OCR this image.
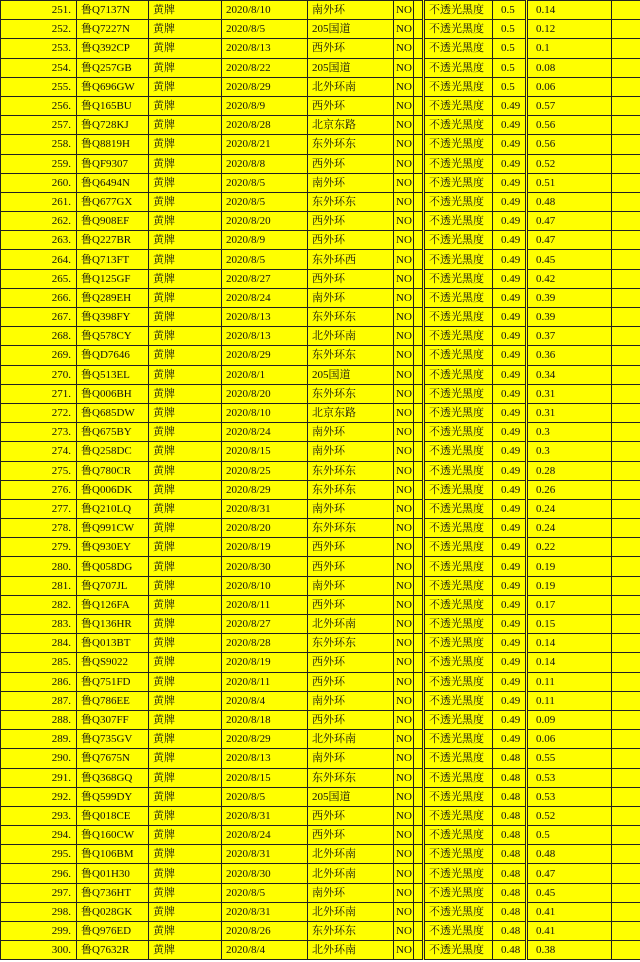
251.	鲁Q7137N	黄牌	2020/8/10	南外环	NO		不透光黑度	0.5	0.14	
252.	鲁Q7227N	黄牌	2020/8/5	205国道	NO		不透光黑度	0.5	0.12	
253.	鲁Q392CP	黄牌	2020/8/13	西外环	NO		不透光黑度	0.5	0.1	
254.	鲁Q257GB	黄牌	2020/8/22	205国道	NO		不透光黑度	0.5	0.08	
255.	鲁Q696GW	黄牌	2020/8/29	北外环南	NO		不透光黑度	0.5	0.06	
256.	鲁Q165BU	黄牌	2020/8/9	西外环	NO		不透光黑度	0.49	0.57	
257.	鲁Q728KJ	黄牌	2020/8/28	北京东路	NO		不透光黑度	0.49	0.56	
258.	鲁Q8819H	黄牌	2020/8/21	东外环东	NO		不透光黑度	0.49	0.56	
259.	鲁QF9307	黄牌	2020/8/8	西外环	NO		不透光黑度	0.49	0.52	
260.	鲁Q6494N	黄牌	2020/8/5	南外环	NO		不透光黑度	0.49	0.51	
261.	鲁Q677GX	黄牌	2020/8/5	东外环东	NO		不透光黑度	0.49	0.48	
262.	鲁Q908EF	黄牌	2020/8/20	西外环	NO		不透光黑度	0.49	0.47	
263.	鲁Q227BR	黄牌	2020/8/9	西外环	NO		不透光黑度	0.49	0.47	
264.	鲁Q713FT	黄牌	2020/8/5	东外环西	NO		不透光黑度	0.49	0.45	
265.	鲁Q125GF	黄牌	2020/8/27	西外环	NO		不透光黑度	0.49	0.42	
266.	鲁Q289EH	黄牌	2020/8/24	南外环	NO		不透光黑度	0.49	0.39	
267.	鲁Q398FY	黄牌	2020/8/13	东外环东	NO		不透光黑度	0.49	0.39	
268.	鲁Q578CY	黄牌	2020/8/13	北外环南	NO		不透光黑度	0.49	0.37	
269.	鲁QD7646	黄牌	2020/8/29	东外环东	NO		不透光黑度	0.49	0.36	
270.	鲁Q513EL	黄牌	2020/8/1	205国道	NO		不透光黑度	0.49	0.34	
271.	鲁Q006BH	黄牌	2020/8/20	东外环东	NO		不透光黑度	0.49	0.31	
272.	鲁Q685DW	黄牌	2020/8/10	北京东路	NO		不透光黑度	0.49	0.31	
273.	鲁Q675BY	黄牌	2020/8/24	南外环	NO		不透光黑度	0.49	0.3	
274.	鲁Q258DC	黄牌	2020/8/15	南外环	NO		不透光黑度	0.49	0.3	
275.	鲁Q780CR	黄牌	2020/8/25	东外环东	NO		不透光黑度	0.49	0.28	
276.	鲁Q006DK	黄牌	2020/8/29	东外环东	NO		不透光黑度	0.49	0.26	
277.	鲁Q210LQ	黄牌	2020/8/31	南外环	NO		不透光黑度	0.49	0.24	
278.	鲁Q991CW	黄牌	2020/8/20	东外环东	NO		不透光黑度	0.49	0.24	
279.	鲁Q930EY	黄牌	2020/8/19	西外环	NO		不透光黑度	0.49	0.22	
280.	鲁Q058DG	黄牌	2020/8/30	西外环	NO		不透光黑度	0.49	0.19	
281.	鲁Q707JL	黄牌	2020/8/10	南外环	NO		不透光黑度	0.49	0.19	
282.	鲁Q126FA	黄牌	2020/8/11	西外环	NO		不透光黑度	0.49	0.17	
283.	鲁Q136HR	黄牌	2020/8/27	北外环南	NO		不透光黑度	0.49	0.15	
284.	鲁Q013BT	黄牌	2020/8/28	东外环东	NO		不透光黑度	0.49	0.14	
285.	鲁QS9022	黄牌	2020/8/19	西外环	NO		不透光黑度	0.49	0.14	
286.	鲁Q751FD	黄牌	2020/8/11	西外环	NO		不透光黑度	0.49	0.11	
287.	鲁Q786EE	黄牌	2020/8/4	南外环	NO		不透光黑度	0.49	0.11	
288.	鲁Q307FF	黄牌	2020/8/18	西外环	NO		不透光黑度	0.49	0.09	
289.	鲁Q735GV	黄牌	2020/8/29	北外环南	NO		不透光黑度	0.49	0.06	
290.	鲁Q7675N	黄牌	2020/8/13	南外环	NO		不透光黑度	0.48	0.55	
291.	鲁Q368GQ	黄牌	2020/8/15	东外环东	NO		不透光黑度	0.48	0.53	
292.	鲁Q599DY	黄牌	2020/8/5	205国道	NO		不透光黑度	0.48	0.53	
293.	鲁Q018CE	黄牌	2020/8/31	西外环	NO		不透光黑度	0.48	0.52	
294.	鲁Q160CW	黄牌	2020/8/24	西外环	NO		不透光黑度	0.48	0.5	
295.	鲁Q106BM	黄牌	2020/8/31	北外环南	NO		不透光黑度	0.48	0.48	
296.	鲁Q01H30	黄牌	2020/8/30	北外环南	NO		不透光黑度	0.48	0.47	
297.	鲁Q736HT	黄牌	2020/8/5	南外环	NO		不透光黑度	0.48	0.45	
298.	鲁Q028GK	黄牌	2020/8/31	北外环南	NO		不透光黑度	0.48	0.41	
299.	鲁Q976ED	黄牌	2020/8/26	东外环东	NO		不透光黑度	0.48	0.41	
300.	鲁Q7632R	黄牌	2020/8/4	北外环南	NO		不透光黑度	0.48	0.38	
